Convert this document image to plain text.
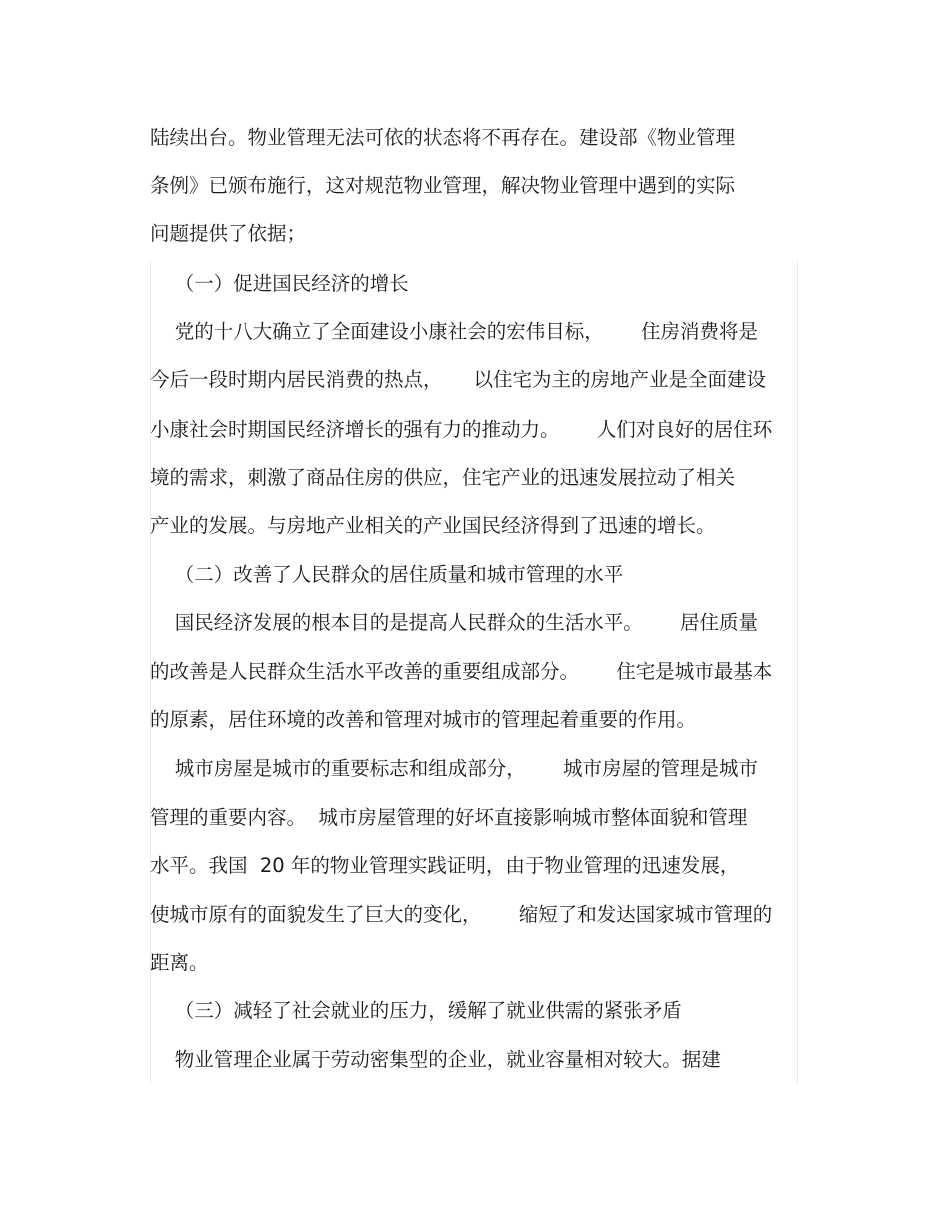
陆续出台。物业管理无法可依的状态将不再存在。建设部《物业管理
条例》已颁布施行，这对规范物业管理，解决物业管理中遇到的实际
问题提供了依据；
（一）促进国民经济的增长
党的十八大确立了全面建设小康社会的宏伟目标，      住房消费将是
今后一段时期内居民消费的热点，     以住宅为主的房地产业是全面建设
小康社会时期国民经济增长的强有力的推动力。      人们对良好的居住环
境的需求，刺激了商品住房的供应，住宅产业的迅速发展拉动了相关
产业的发展。与房地产业相关的产业国民经济得到了迅速的增长。
（二）改善了人民群众的居住质量和城市管理的水平
国民经济发展的根本目的是提高人民群众的生活水平。      居住质量
的改善是人民群众生活水平改善的重要组成部分。      住宅是城市最基本
的原素，居住环境的改善和管理对城市的管理起着重要的作用。
城市房屋是城市的重要标志和组成部分，      城市房屋的管理是城市
管理的重要内容。  城市房屋管理的好坏直接影响城市整体面貌和管理
水平。我国  20 年的物业管理实践证明，由于物业管理的迅速发展，
使城市原有的面貌发生了巨大的变化，      缩短了和发达国家城市管理的
距离。
（三）减轻了社会就业的压力，缓解了就业供需的紧张矛盾
物业管理企业属于劳动密集型的企业，就业容量相对较大。据建
